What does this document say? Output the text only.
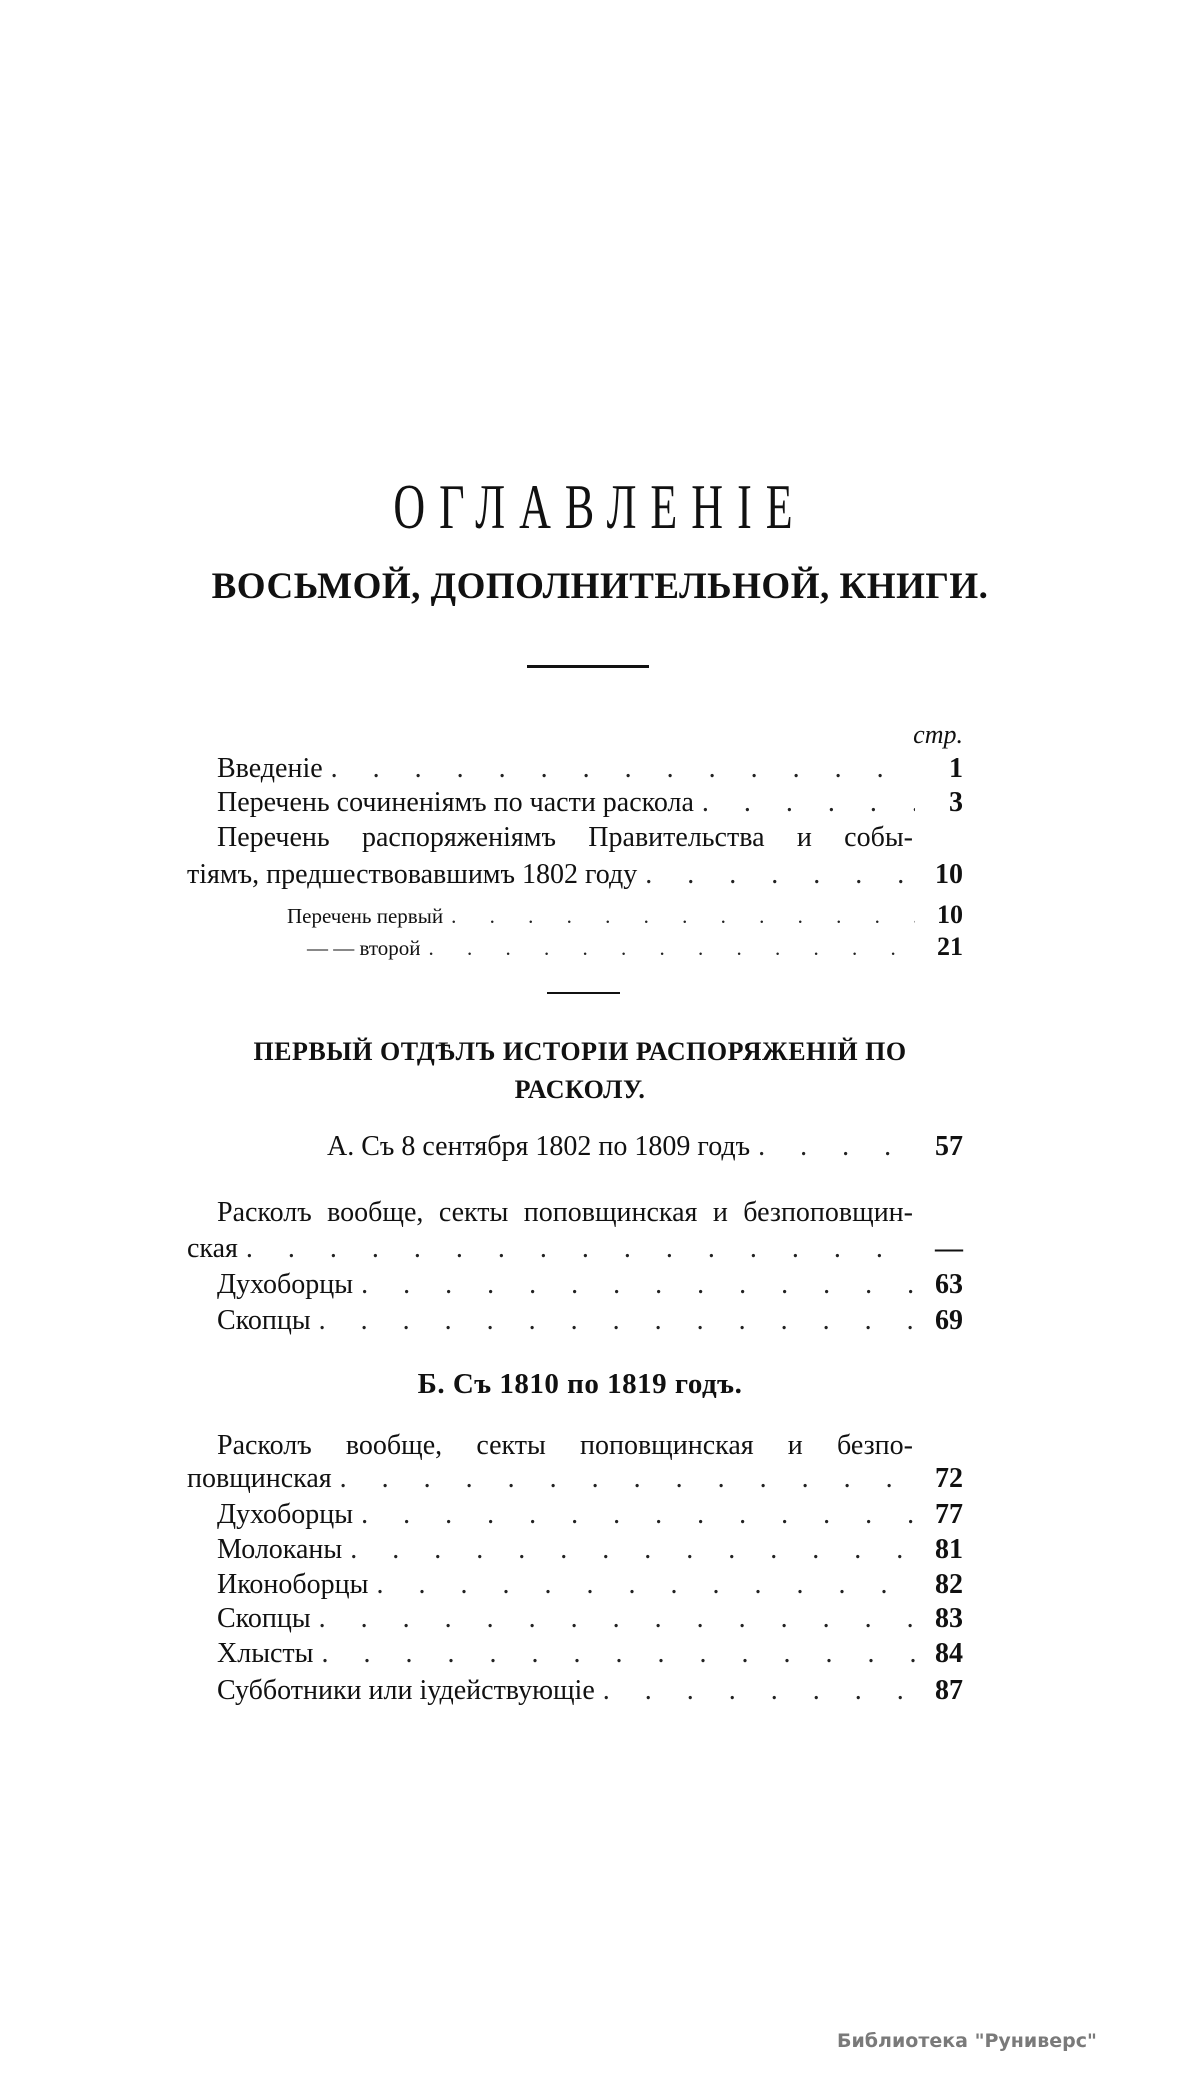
ОГЛАВЛЕНIЕ
ВОСЬМОЙ, ДОПОЛНИТЕЛЬНОЙ, КНИГИ.
стр.
Введенiе . . .	1
Перечень сочиненiямъ по части раскола . . .	3
Перечень распоряженiямъ Правительства и собы-
тiямъ, предшествовавшимъ 1802 году . . .	10
Перечень первый . . .	10
— — второй . . .	21
ПЕРВЫЙ ОТДѢЛЪ ИСТОРIИ РАСПОРЯЖЕНIЙ ПО
РАСКОЛУ.
А. Съ 8 сентября 1802 по 1809 годъ . . .	57
Расколъ вообще, секты поповщинская и безпоповщин-
ская . . .	—
Духоборцы . . .	63
Скопцы . . .	69
Б. Съ 1810 по 1819 годъ.
Расколъ вообще, секты поповщинская и безпо-
повщинская . . .	72
Духоборцы . . .	77
Молоканы . . .	81
Иконоборцы . . .	82
Скопцы . . .	83
Хлысты . . .	84
Субботники или iудействующiе . . .	87
Библиотека "Руниверс"
